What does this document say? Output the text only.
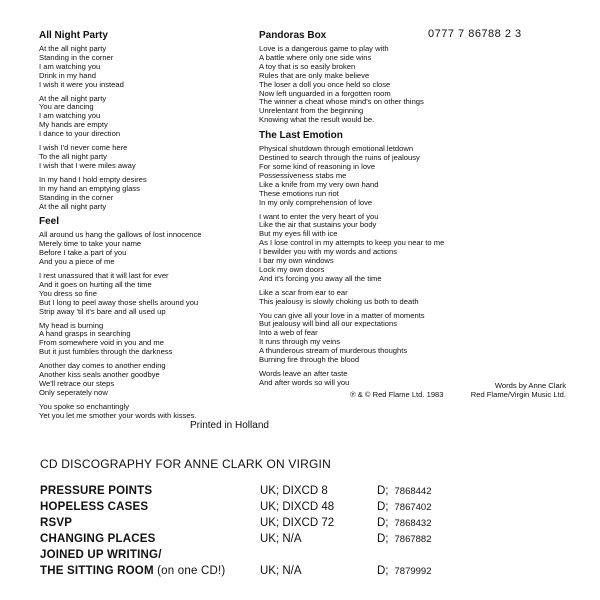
All Night Party
At the all night party
Standing in the corner
I am watching you
Drink in my hand
I wish it were you instead
At the all night party
You are dancing
I am watching you
My hands are empty
I dance to your direction
I wish I'd never come here
To the all night party
I wish that I were miles away
In my hand I hold empty desires
In my hand an emptying glass
Standing in the corner
At the all night party
Feel
All around us hang the gallows of lost innocence
Merely time to take your name
Before I take a part of you
And you a piece of me
I rest unassured that it will last for ever
And it goes on hurting all the time
You dress so fine
But I long to peel away those shells around you
Strip away 'til it's bare and all used up
My head is burning
A hand grasps in searching
From somewhere void in you and me
But it just fumbles through the darkness
Another day comes to another ending
Another kiss seals another goodbye
We'll retrace our steps
Only seperately now
You spoke so enchantingly
Yet you let me smother your words with kisses.
Pandoras Box
Love is a dangerous game to play with
A battle where only one side wins
A toy that is so easily broken
Rules that are only make believe
The loser a doll you once held so close
Now left unguarded in a forgotten room
The winner a cheat whose mind's on other things
Unrelentant from the beginning
Knowing what the result would be.
The Last Emotion
Physical shutdown through emotional letdown
Destined to search through the ruins of jealousy
For some kind of reasoning in love
Possessiveness stabs me
Like a knife from my very own hand
These emotions run riot
In my only comprehension of love
I want to enter the very heart of you
Like the air that sustains your body
But my eyes fill with ice
As I lose control in my attempts to keep you near to me
I bewilder you with my words and actions
I bar my own windows
Lock my own doors
And it's forcing you away all the time
Like a scar from ear to ear
This jealousy is slowly choking us both to death
You can give all your love in a matter of moments
But jealousy will bind all our expectations
Into a web of fear
It runs through my veins
A thunderous stream of murderous thoughts
Burning fire through the blood
Words leave an after taste
And after words so will you
0777 7 86788 2 3
Words by Anne Clark
℗ & © Red Flame Ltd. 1983	Red Flame/Virgin Music Ltd.
Printed in Holland
CD DISCOGRAPHY FOR ANNE CLARK ON VIRGIN
PRESSURE POINTS	UK; DIXCD 8	D; 7868442
HOPELESS CASES	UK; DIXCD 48	D; 7867402
RSVP	UK; DIXCD 72	D; 7868432
CHANGING PLACES	UK; N/A	D; 7867882
JOINED UP WRITING/
THE SITTING ROOM (on one CD!)	UK; N/A	D; 7879992
